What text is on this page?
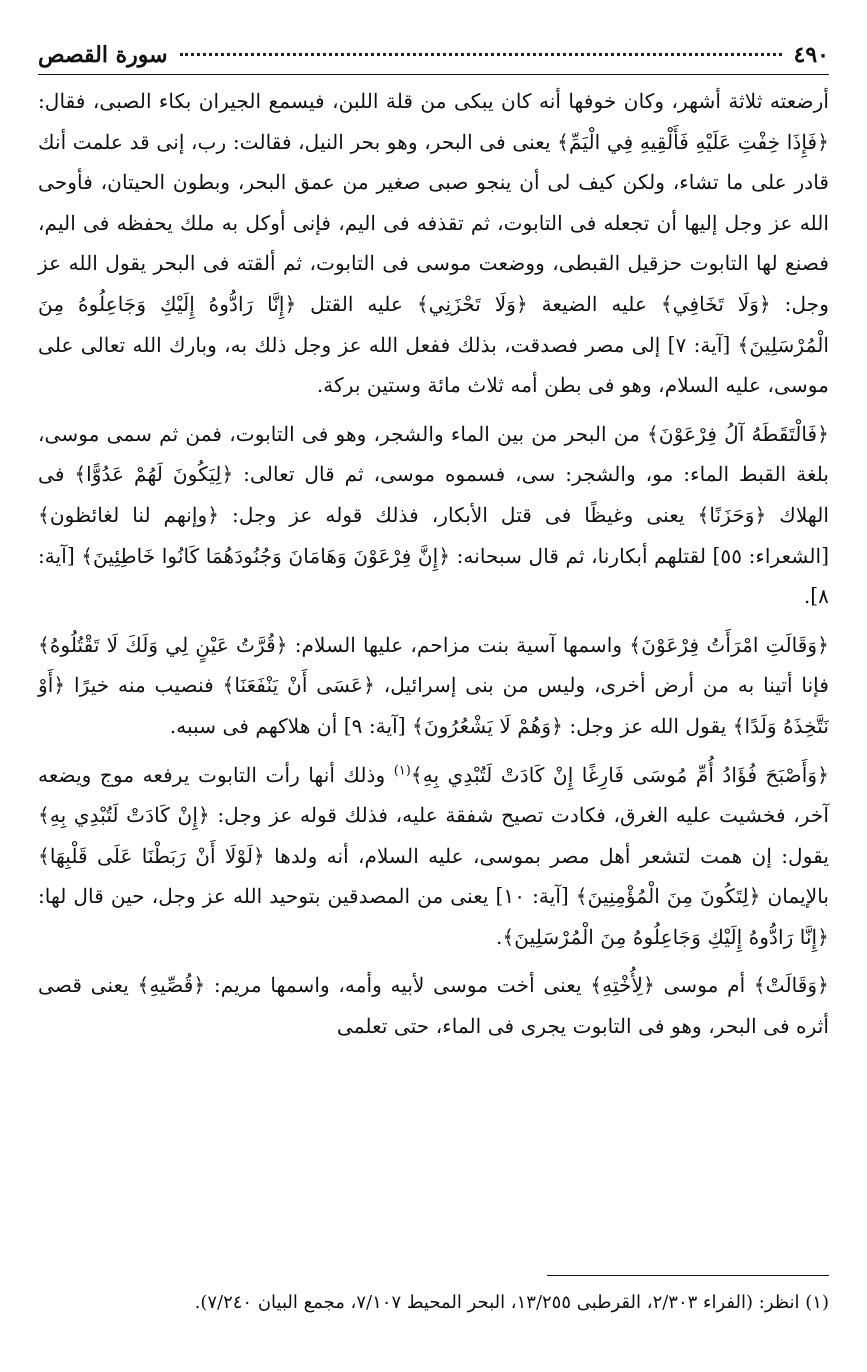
٤٩٠
سورة القصص

أرضعته ثلاثة أشهر، وكان خوفها أنه كان يبكى من قلة اللبن، فيسمع الجيران بكاء الصبى، فقال: ﴿فَإِذَا خِفْتِ عَلَيْهِ فَأَلْقِيهِ فِي الْيَمِّ﴾ يعنى فى البحر، وهو بحر النيل، فقالت: رب، إنى قد علمت أنك قادر على ما تشاء، ولكن كيف لى أن ينجو صبى صغير من عمق البحر، وبطون الحيتان، فأوحى الله عز وجل إليها أن تجعله فى التابوت، ثم تقذفه فى اليم، فإنى أوكل به ملك يحفظه فى اليم، فصنع لها التابوت حزقيل القبطى، ووضعت موسى فى التابوت، ثم ألقته فى البحر يقول الله عز وجل: ﴿وَلَا تَخَافِي﴾ عليه الضيعة ﴿وَلَا تَحْزَنِي﴾ عليه القتل ﴿إِنَّا رَادُّوهُ إِلَيْكِ وَجَاعِلُوهُ مِنَ الْمُرْسَلِينَ﴾ [آية: ٧] إلى مصر فصدقت، بذلك ففعل الله عز وجل ذلك به، وبارك الله تعالى على موسى، عليه السلام، وهو فى بطن أمه ثلاث مائة وستين بركة.

﴿فَالْتَقَطَهُ آلُ فِرْعَوْنَ﴾ من البحر من بين الماء والشجر، وهو فى التابوت، فمن ثم سمى موسى، بلغة القبط الماء: مو، والشجر: سى، فسموه موسى، ثم قال تعالى: ﴿لِيَكُونَ لَهُمْ عَدُوًّا﴾ فى الهلاك ﴿وَحَزَنًا﴾ يعنى وغيظًا فى قتل الأبكار، فذلك قوله عز وجل: ﴿وإنهم لنا لغائظون﴾ [الشعراء: ٥٥] لقتلهم أبكارنا، ثم قال سبحانه: ﴿إِنَّ فِرْعَوْنَ وَهَامَانَ وَجُنُودَهُمَا كَانُوا خَاطِئِينَ﴾ [آية: ٨].

﴿وَقَالَتِ امْرَأَتُ فِرْعَوْنَ﴾ واسمها آسية بنت مزاحم، عليها السلام: ﴿قُرَّتُ عَيْنٍ لِي وَلَكَ لَا تَقْتُلُوهُ﴾ فإنا أتينا به من أرض أخرى، وليس من بنى إسرائيل، ﴿عَسَى أَنْ يَنْفَعَنَا﴾ فنصيب منه خيرًا ﴿أَوْ نَتَّخِذَهُ وَلَدًا﴾ يقول الله عز وجل: ﴿وَهُمْ لَا يَشْعُرُونَ﴾ [آية: ٩] أن هلاكهم فى سببه.

﴿وَأَصْبَحَ فُؤَادُ أُمِّ مُوسَى فَارِغًا إِنْ كَادَتْ لَتُبْدِي بِهِ﴾$^{(١)}$ وذلك أنها رأت التابوت يرفعه موج ويضعه آخر، فخشيت عليه الغرق، فكادت تصيح شفقة عليه، فذلك قوله عز وجل: ﴿إِنْ كَادَتْ لَتُبْدِي بِهِ﴾ يقول: إن همت لتشعر أهل مصر بموسى، عليه السلام، أنه ولدها ﴿لَوْلَا أَنْ رَبَطْنَا عَلَى قَلْبِهَا﴾ بالإيمان ﴿لِتَكُونَ مِنَ الْمُؤْمِنِينَ﴾ [آية: ١٠] يعنى من المصدقين بتوحيد الله عز وجل، حين قال لها: ﴿إِنَّا رَادُّوهُ إِلَيْكِ وَجَاعِلُوهُ مِنَ الْمُرْسَلِينَ﴾.

﴿وَقَالَتْ﴾ أم موسى ﴿لِأُخْتِهِ﴾ يعنى أخت موسى لأبيه وأمه، واسمها مريم: ﴿قُصِّيهِ﴾ يعنى قصى أثره فى البحر، وهو فى التابوت يجرى فى الماء، حتى تعلمى

(١) انظر: (الفراء ٢/٣٠٣، القرطبى ١٣/٢٥٥، البحر المحيط ٧/١٠٧، مجمع البيان ٧/٢٤٠).
